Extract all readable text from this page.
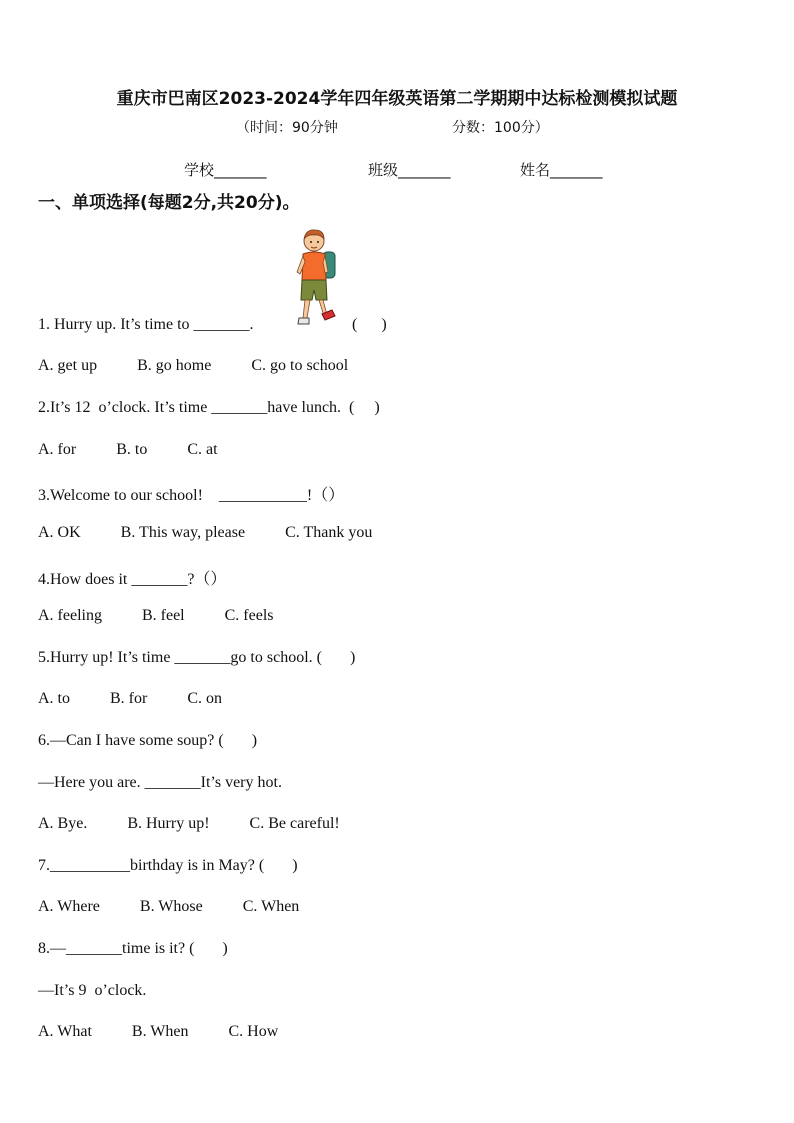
重庆市巴南区2023-2024学年四年级英语第二学期期中达标检测模拟试题
（时间：90分钟	分数：100分）
学校_______	班级_______	姓名_______
一、单项选择(每题2分,共20分)。
1. Hurry up. It’s time to _______.	(      )
A. get up          B. go home          C. go to school
2.It’s 12  o’clock. It’s time _______have lunch.  (     )
A. for          B. to          C. at
3.Welcome to our school!    ___________!（）
A. OK          B. This way, please          C. Thank you
4.How does it _______?（）
A. feeling          B. feel          C. feels
5.Hurry up! It’s time _______go to school. (       )
A. to          B. for          C. on
6.—Can I have some soup? (       )
—Here you are. _______It’s very hot.
A. Bye.          B. Hurry up!          C. Be careful!
7.__________birthday is in May? (       )
A. Where          B. Whose          C. When
8.—_______time is it? (       )
—It’s 9  o’clock.
A. What          B. When          C. How
